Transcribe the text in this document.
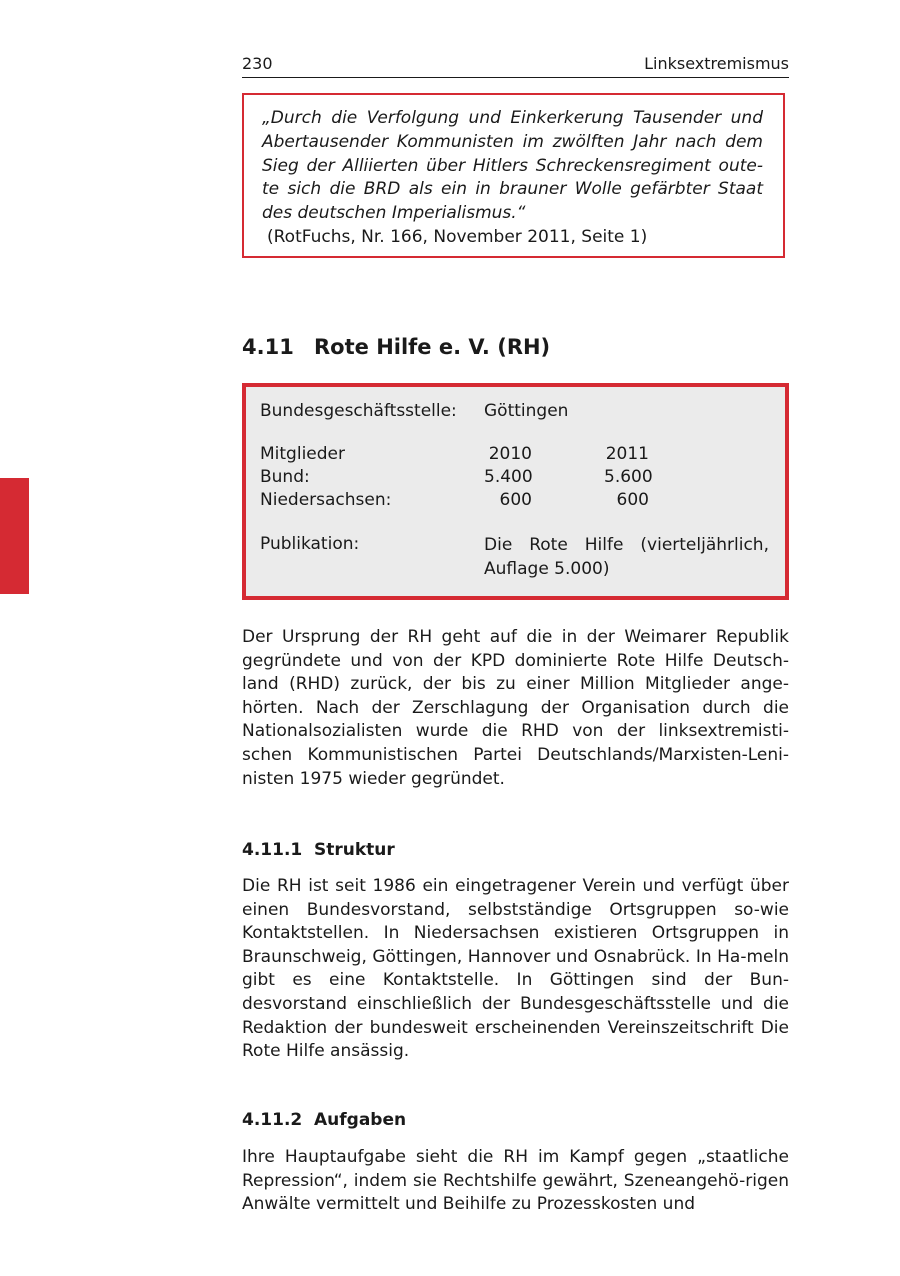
230	Linksextremismus
„Durch die Verfolgung und Einkerkerung Tausender und Abertausender Kommunisten im zwölften Jahr nach dem Sieg der Alliierten über Hitlers Schreckensregiment oute-te sich die BRD als ein in brauner Wolle gefärbter Staat des deutschen Imperialismus.“
(RotFuchs, Nr. 166, November 2011, Seite 1)
4.11 Rote Hilfe e. V. (RH)
Bundesgeschäftsstelle: Göttingen
Mitglieder	2010	2011
Bund:	5.400	5.600
Niedersachsen:	600	600
Publikation:	Die Rote Hilfe (vierteljährlich,
Auflage 5.000)

Der Ursprung der RH geht auf die in der Weimarer Republik gegründete und von der KPD dominierte Rote Hilfe Deutsch-land (RHD) zurück, der bis zu einer Million Mitglieder ange-hörten. Nach der Zerschlagung der Organisation durch die Nationalsozialisten wurde die RHD von der linksextremisti-schen Kommunistischen Partei Deutschlands/Marxisten-Leni-nisten 1975 wieder gegründet.

4.11.1 Struktur

Die RH ist seit 1986 ein eingetragener Verein und verfügt über einen Bundesvorstand, selbstständige Ortsgruppen so-wie Kontaktstellen. In Niedersachsen existieren Ortsgruppen in Braunschweig, Göttingen, Hannover und Osnabrück. In Ha-meln gibt es eine Kontaktstelle. In Göttingen sind der Bun-desvorstand einschließlich der Bundesgeschäftsstelle und die Redaktion der bundesweit erscheinenden Vereinszeitschrift Die Rote Hilfe ansässig.

4.11.2 Aufgaben

Ihre Hauptaufgabe sieht die RH im Kampf gegen „staatliche Repression“, indem sie Rechtshilfe gewährt, Szeneangehö-rigen Anwälte vermittelt und Beihilfe zu Prozesskosten und
